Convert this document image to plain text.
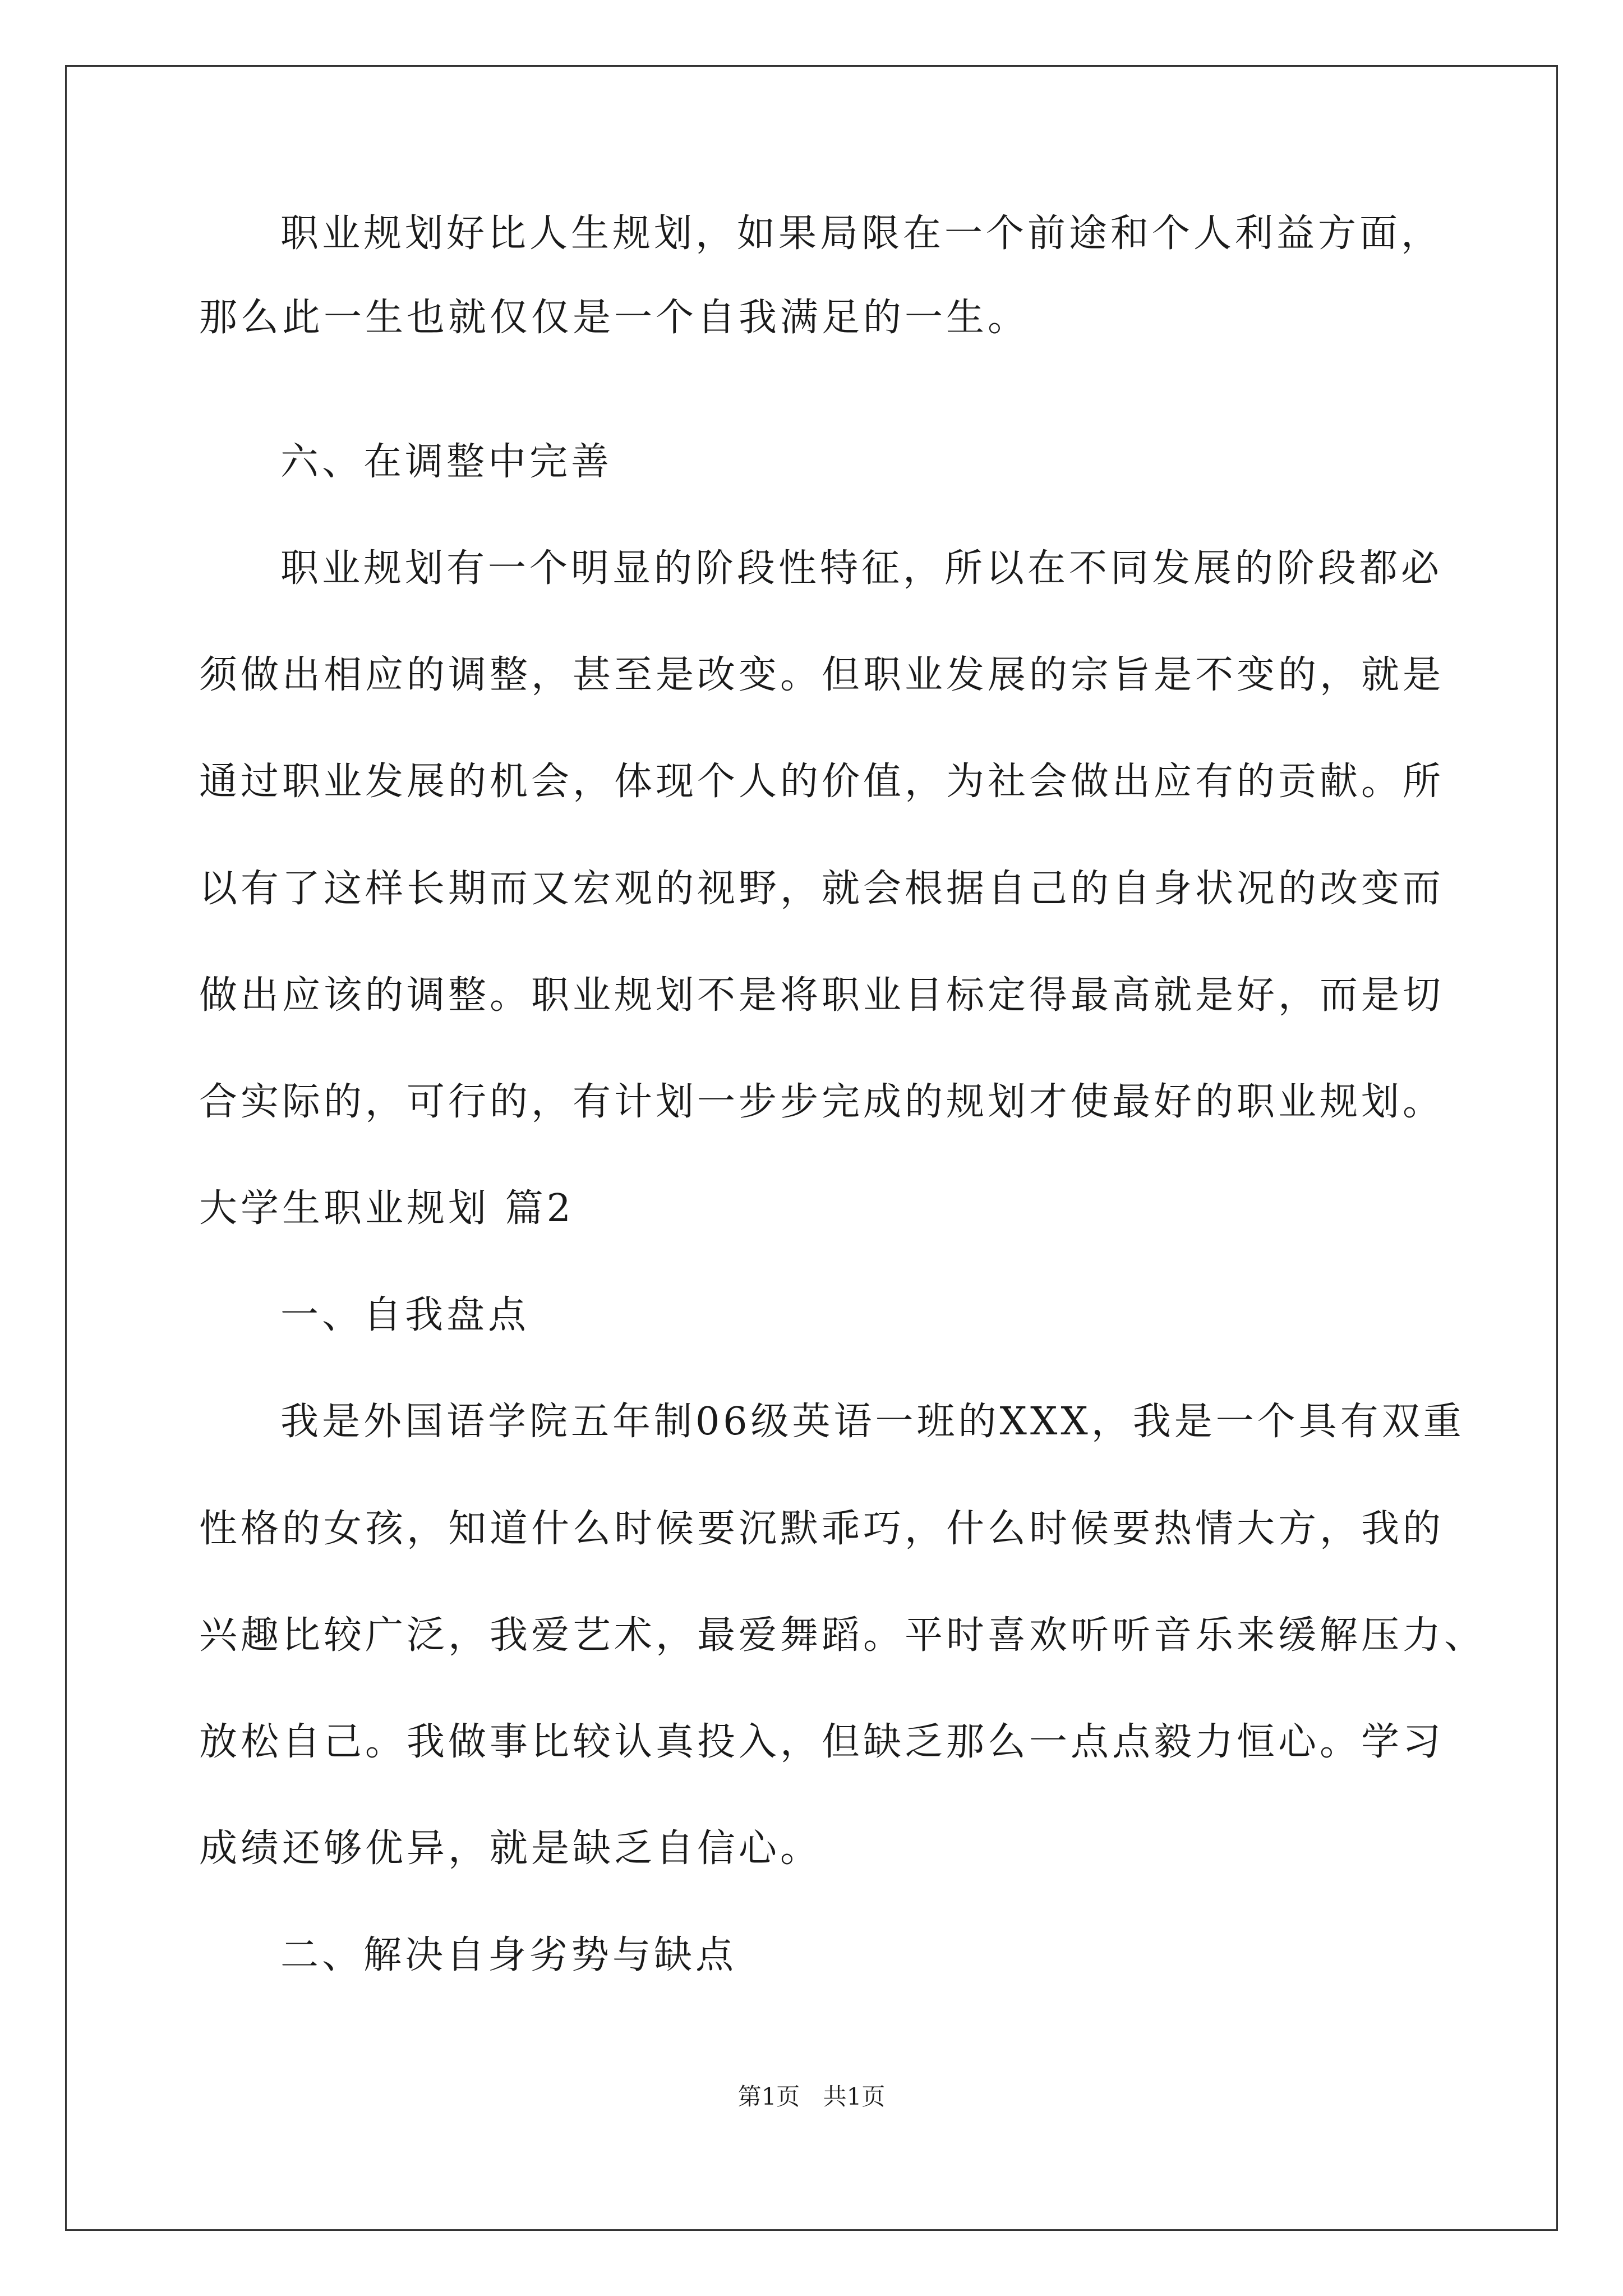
职业规划好比人生规划，如果局限在一个前途和个人利益方面，
那么此一生也就仅仅是一个自我满足的一生。
六、在调整中完善
职业规划有一个明显的阶段性特征，所以在不同发展的阶段都必
须做出相应的调整，甚至是改变。但职业发展的宗旨是不变的，就是
通过职业发展的机会，体现个人的价值，为社会做出应有的贡献。所
以有了这样长期而又宏观的视野，就会根据自己的自身状况的改变而
做出应该的调整。职业规划不是将职业目标定得最高就是好，而是切
合实际的，可行的，有计划一步步完成的规划才使最好的职业规划。
大学生职业规划 篇2
一、自我盘点
我是外国语学院五年制06级英语一班的XXX，我是一个具有双重
性格的女孩，知道什么时候要沉默乖巧，什么时候要热情大方，我的
兴趣比较广泛，我爱艺术，最爱舞蹈。平时喜欢听听音乐来缓解压力、
放松自己。我做事比较认真投入，但缺乏那么一点点毅力恒心。学习
成绩还够优异，就是缺乏自信心。
二、解决自身劣势与缺点
第1页 共1页
